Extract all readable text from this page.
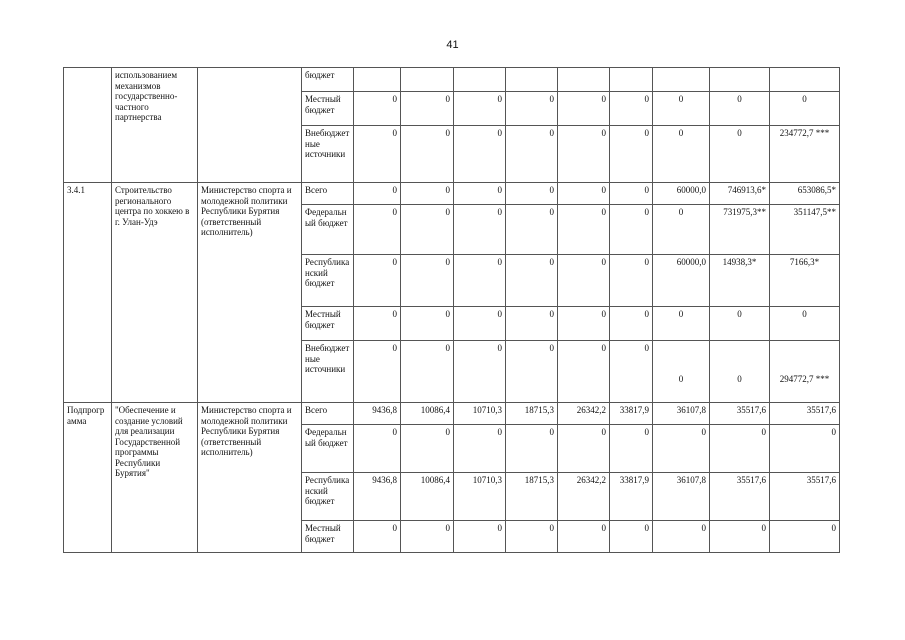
41
	использованием механизмов государственно-частного партнерства		бюджет									
			Местный бюджет	0	0	0	0	0	0	0	0	0
			Внебюджетные источники	0	0	0	0	0	0	0	0	234772,7 ***
3.4.1	Строительство регионального центра по хоккею в г. Улан-Удэ	Министерство спорта и молодежной политики Республики Бурятия (ответственный исполнитель)	Всего	0	0	0	0	0	0	60000,0	746913,6*	653086,5*
			Федеральный бюджет	0	0	0	0	0	0	0	731975,3**	351147,5**
			Республиканский бюджет	0	0	0	0	0	0	60000,0	14938,3*	7166,3*
			Местный бюджет	0	0	0	0	0	0	0	0	0
			Внебюджетные источники	0	0	0	0	0	0	0	0	294772,7 ***
Подпрограмма	"Обеспечение и создание условий для реализации Государственной программы Республики Бурятия"	Министерство спорта и молодежной политики Республики Бурятия (ответственный исполнитель)	Всего	9436,8	10086,4	10710,3	18715,3	26342,2	33817,9	36107,8	35517,6	35517,6
			Федеральный бюджет	0	0	0	0	0	0	0	0	0
			Республиканский бюджет	9436,8	10086,4	10710,3	18715,3	26342,2	33817,9	36107,8	35517,6	35517,6
			Местный бюджет	0	0	0	0	0	0	0	0	0
